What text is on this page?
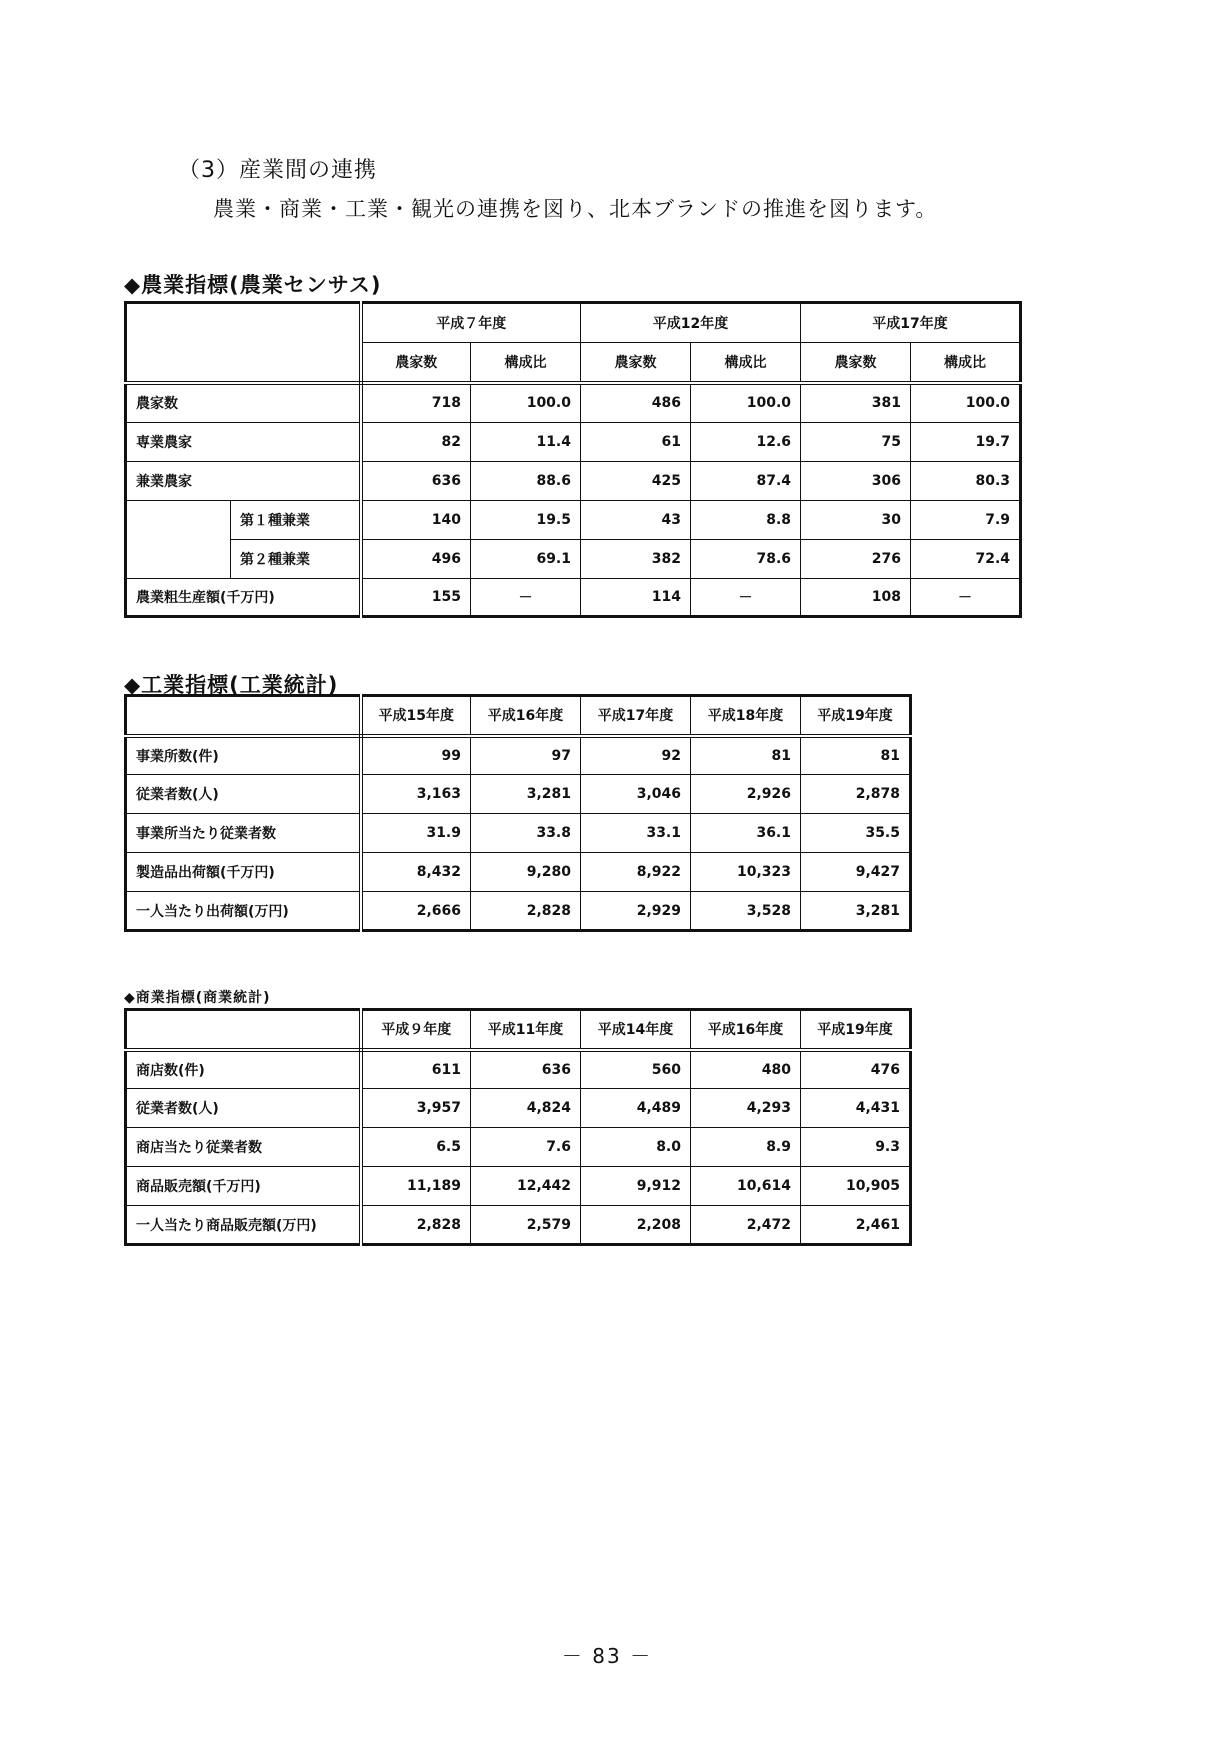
（3）産業間の連携
農業・商業・工業・観光の連携を図り、北本ブランドの推進を図ります。
◆農業指標(農業センサス)
		平成７年度		平成12年度		平成17年度	
		農家数	構成比	農家数	構成比	農家数	構成比
農家数		718	100.0	486	100.0	381	100.0
専業農家		82	11.4	61	12.6	75	19.7
兼業農家		636	88.6	425	87.4	306	80.3
	第１種兼業	140	19.5	43	8.8	30	7.9
	第２種兼業	496	69.1	382	78.6	276	72.4
農業粗生産額(千万円)		155	－	114	－	108	－
◆工業指標(工業統計)
	平成15年度	平成16年度	平成17年度	平成18年度	平成19年度
事業所数(件)	99	97	92	81	81
従業者数(人)	3,163	3,281	3,046	2,926	2,878
事業所当たり従業者数	31.9	33.8	33.1	36.1	35.5
製造品出荷額(千万円)	8,432	9,280	8,922	10,323	9,427
一人当たり出荷額(万円)	2,666	2,828	2,929	3,528	3,281
◆商業指標(商業統計)
	平成９年度	平成11年度	平成14年度	平成16年度	平成19年度
商店数(件)	611	636	560	480	476
従業者数(人)	3,957	4,824	4,489	4,293	4,431
商店当たり従業者数	6.5	7.6	8.0	8.9	9.3
商品販売額(千万円)	11,189	12,442	9,912	10,614	10,905
一人当たり商品販売額(万円)	2,828	2,579	2,208	2,472	2,461
－ 83 －
